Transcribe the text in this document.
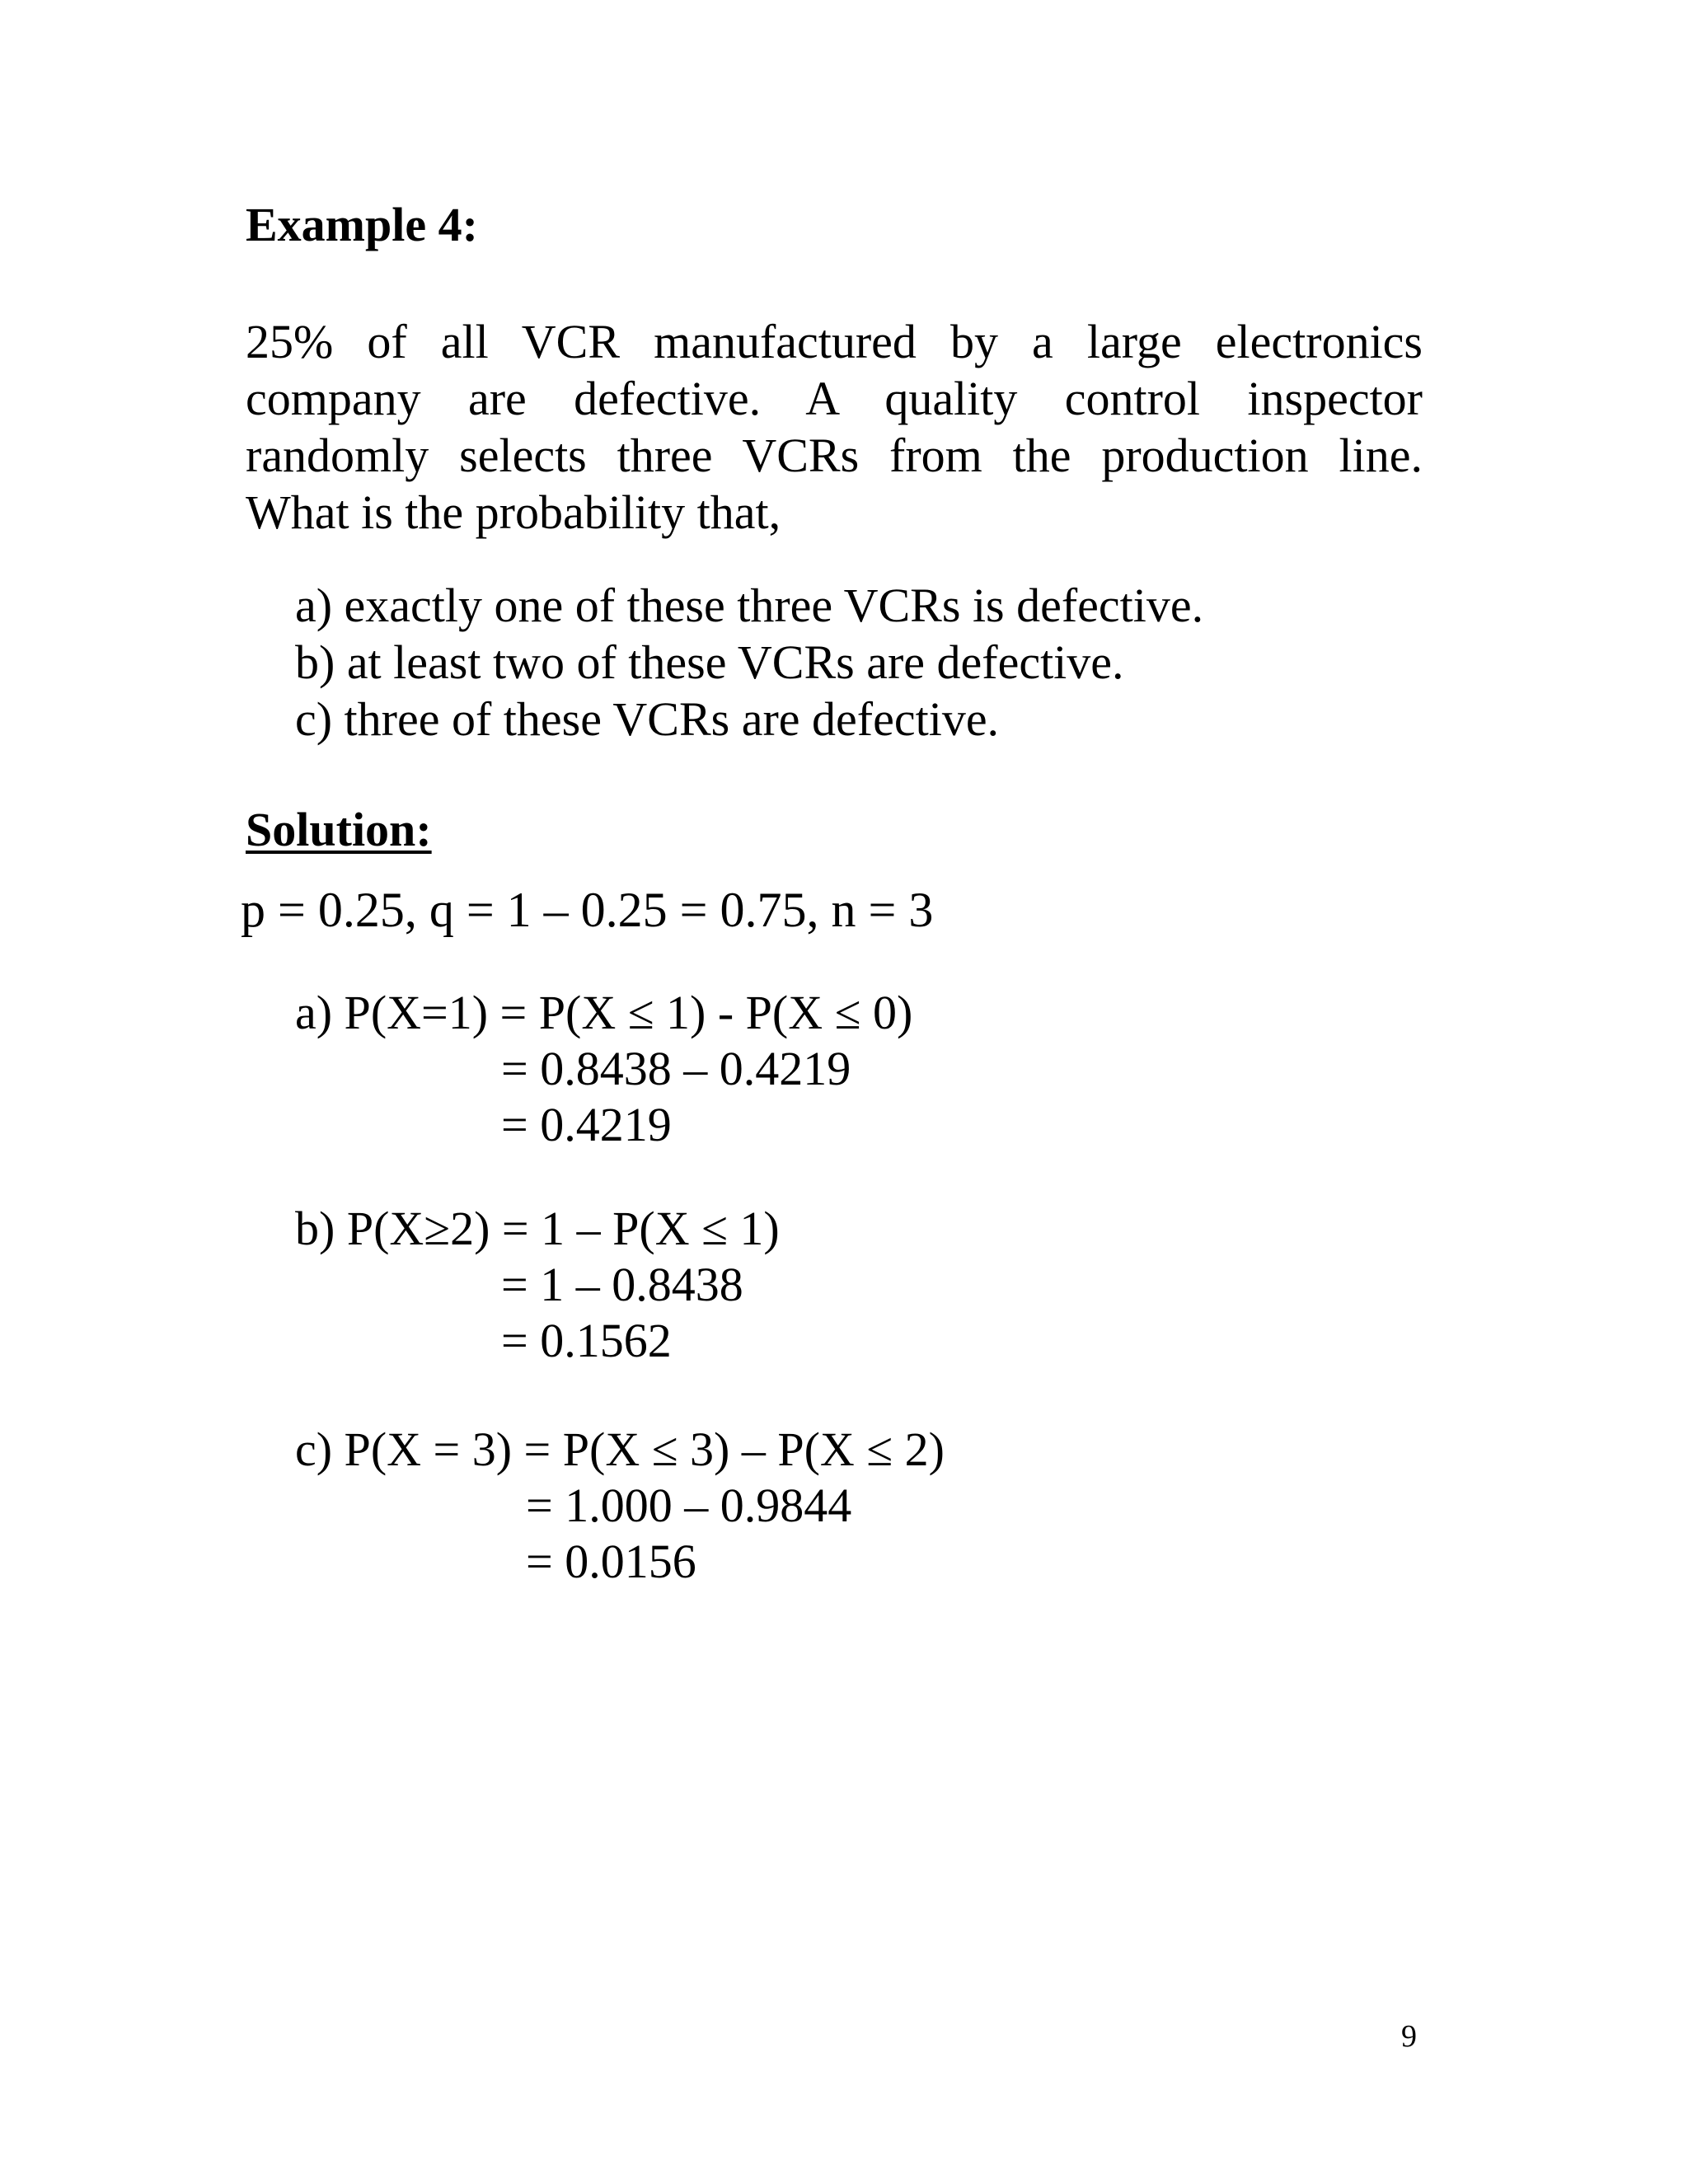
Example 4:
25% of all VCR manufactured by a large electronics
company are defective. A quality control inspector
randomly selects three VCRs from the production line.
What is the probability that,
a) exactly one of these three VCRs is defective.
b) at least two of these VCRs are defective.
c) three of these VCRs are defective.
Solution:
p = 0.25, q = 1 – 0.25 = 0.75, n = 3
a) P(X=1) = P(X ≤ 1) - P(X ≤ 0)
= 0.8438 – 0.4219
= 0.4219
b) P(X≥2) = 1 – P(X ≤ 1)
= 1 – 0.8438
= 0.1562
c) P(X = 3) = P(X ≤ 3) – P(X ≤ 2)
= 1.000 – 0.9844
= 0.0156
9
